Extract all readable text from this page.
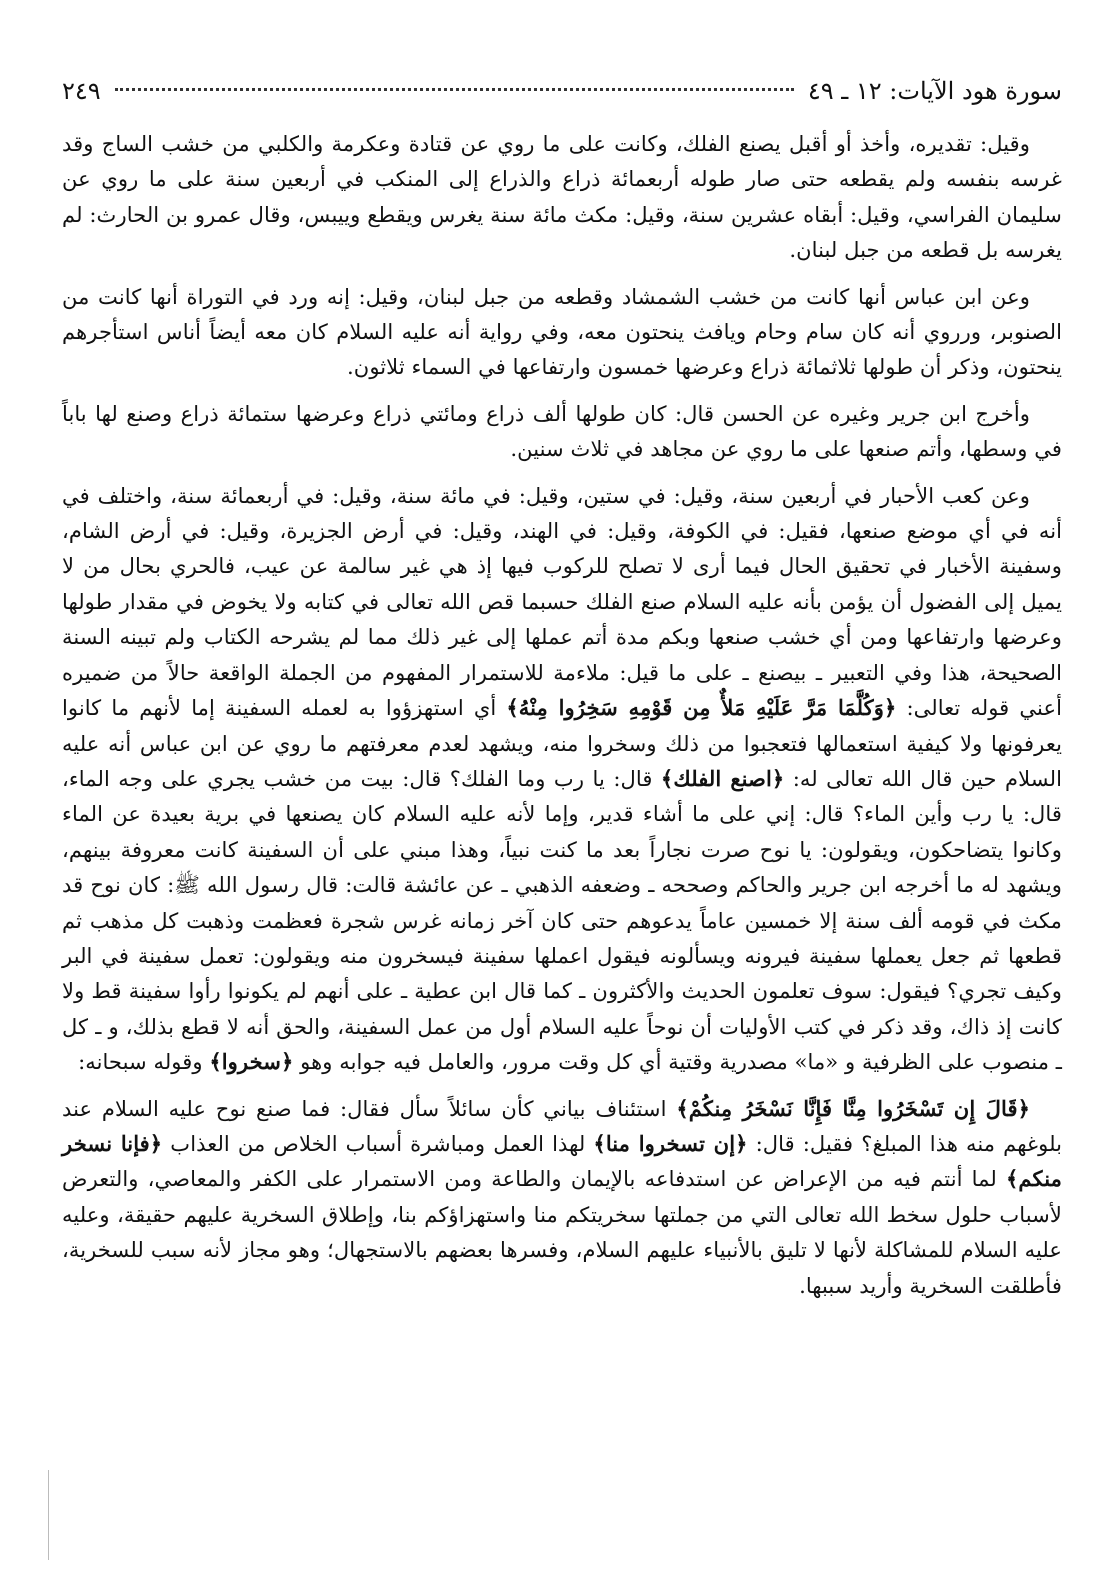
سورة هود الآيات: ١٢ ـ ٤٩
٢٤٩

وقيل: تقديره، وأخذ أو أقبل يصنع الفلك، وكانت على ما روي عن قتادة وعكرمة والكلبي من خشب الساج وقد غرسه بنفسه ولم يقطعه حتى صار طوله أربعمائة ذراع والذراع إلى المنكب في أربعين سنة على ما روي عن سليمان الفراسي، وقيل: أبقاه عشرين سنة، وقيل: مكث مائة سنة يغرس ويقطع وييبس، وقال عمرو بن الحارث: لم يغرسه بل قطعه من جبل لبنان.

وعن ابن عباس أنها كانت من خشب الشمشاد وقطعه من جبل لبنان، وقيل: إنه ورد في التوراة أنها كانت من الصنوبر، ورروي أنه كان سام وحام ويافث ينحتون معه، وفي رواية أنه عليه السلام كان معه أيضاً أناس استأجرهم ينحتون، وذكر أن طولها ثلاثمائة ذراع وعرضها خمسون وارتفاعها في السماء ثلاثون.

وأخرج ابن جرير وغيره عن الحسن قال: كان طولها ألف ذراع ومائتي ذراع وعرضها ستمائة ذراع وصنع لها باباً في وسطها، وأتم صنعها على ما روي عن مجاهد في ثلاث سنين.

وعن كعب الأحبار في أربعين سنة، وقيل: في ستين، وقيل: في مائة سنة، وقيل: في أربعمائة سنة، واختلف في أنه في أي موضع صنعها، فقيل: في الكوفة، وقيل: في الهند، وقيل: في أرض الجزيرة، وقيل: في أرض الشام، وسفينة الأخبار في تحقيق الحال فيما أرى لا تصلح للركوب فيها إذ هي غير سالمة عن عيب، فالحري بحال من لا يميل إلى الفضول أن يؤمن بأنه عليه السلام صنع الفلك حسبما قص الله تعالى في كتابه ولا يخوض في مقدار طولها وعرضها وارتفاعها ومن أي خشب صنعها وبكم مدة أتم عملها إلى غير ذلك مما لم يشرحه الكتاب ولم تبينه السنة الصحيحة، هذا وفي التعبير ـ بيصنع ـ على ما قيل: ملاءمة للاستمرار المفهوم من الجملة الواقعة حالاً من ضميره أعني قوله تعالى: ﴿وَكُلَّمَا مَرَّ عَلَيْهِ مَلأٌ مِن قَوْمِهِ سَخِرُوا مِنْهُ﴾ أي استهزؤوا به لعمله السفينة إما لأنهم ما كانوا يعرفونها ولا كيفية استعمالها فتعجبوا من ذلك وسخروا منه، ويشهد لعدم معرفتهم ما روي عن ابن عباس أنه عليه السلام حين قال الله تعالى له: ﴿اصنع الفلك﴾ قال: يا رب وما الفلك؟ قال: بيت من خشب يجري على وجه الماء، قال: يا رب وأين الماء؟ قال: إني على ما أشاء قدير، وإما لأنه عليه السلام كان يصنعها في برية بعيدة عن الماء وكانوا يتضاحكون، ويقولون: يا نوح صرت نجاراً بعد ما كنت نبياً، وهذا مبني على أن السفينة كانت معروفة بينهم، ويشهد له ما أخرجه ابن جرير والحاكم وصححه ـ وضعفه الذهبي ـ عن عائشة قالت: قال رسول الله ﷺ: كان نوح قد مكث في قومه ألف سنة إلا خمسين عاماً يدعوهم حتى كان آخر زمانه غرس شجرة فعظمت وذهبت كل مذهب ثم قطعها ثم جعل يعملها سفينة فيرونه ويسألونه فيقول اعملها سفينة فيسخرون منه ويقولون: تعمل سفينة في البر وكيف تجري؟ فيقول: سوف تعلمون الحديث والأكثرون ـ كما قال ابن عطية ـ على أنهم لم يكونوا رأوا سفينة قط ولا كانت إذ ذاك، وقد ذكر في كتب الأوليات أن نوحاً عليه السلام أول من عمل السفينة، والحق أنه لا قطع بذلك، و ـ كل ـ منصوب على الظرفية و «ما» مصدرية وقتية أي كل وقت مرور، والعامل فيه جوابه وهو ﴿سخروا﴾ وقوله سبحانه:

﴿قَالَ إِن تَسْخَرُوا مِنَّا فَإِنَّا نَسْخَرُ مِنكُمْ﴾ استئناف بياني كأن سائلاً سأل فقال: فما صنع نوح عليه السلام عند بلوغهم منه هذا المبلغ؟ فقيل: قال: ﴿إن تسخروا منا﴾ لهذا العمل ومباشرة أسباب الخلاص من العذاب ﴿فإنا نسخر منكم﴾ لما أنتم فيه من الإعراض عن استدفاعه بالإيمان والطاعة ومن الاستمرار على الكفر والمعاصي، والتعرض لأسباب حلول سخط الله تعالى التي من جملتها سخريتكم منا واستهزاؤكم بنا، وإطلاق السخرية عليهم حقيقة، وعليه عليه السلام للمشاكلة لأنها لا تليق بالأنبياء عليهم السلام، وفسرها بعضهم بالاستجهال؛ وهو مجاز لأنه سبب للسخرية، فأطلقت السخرية وأريد سببها.
